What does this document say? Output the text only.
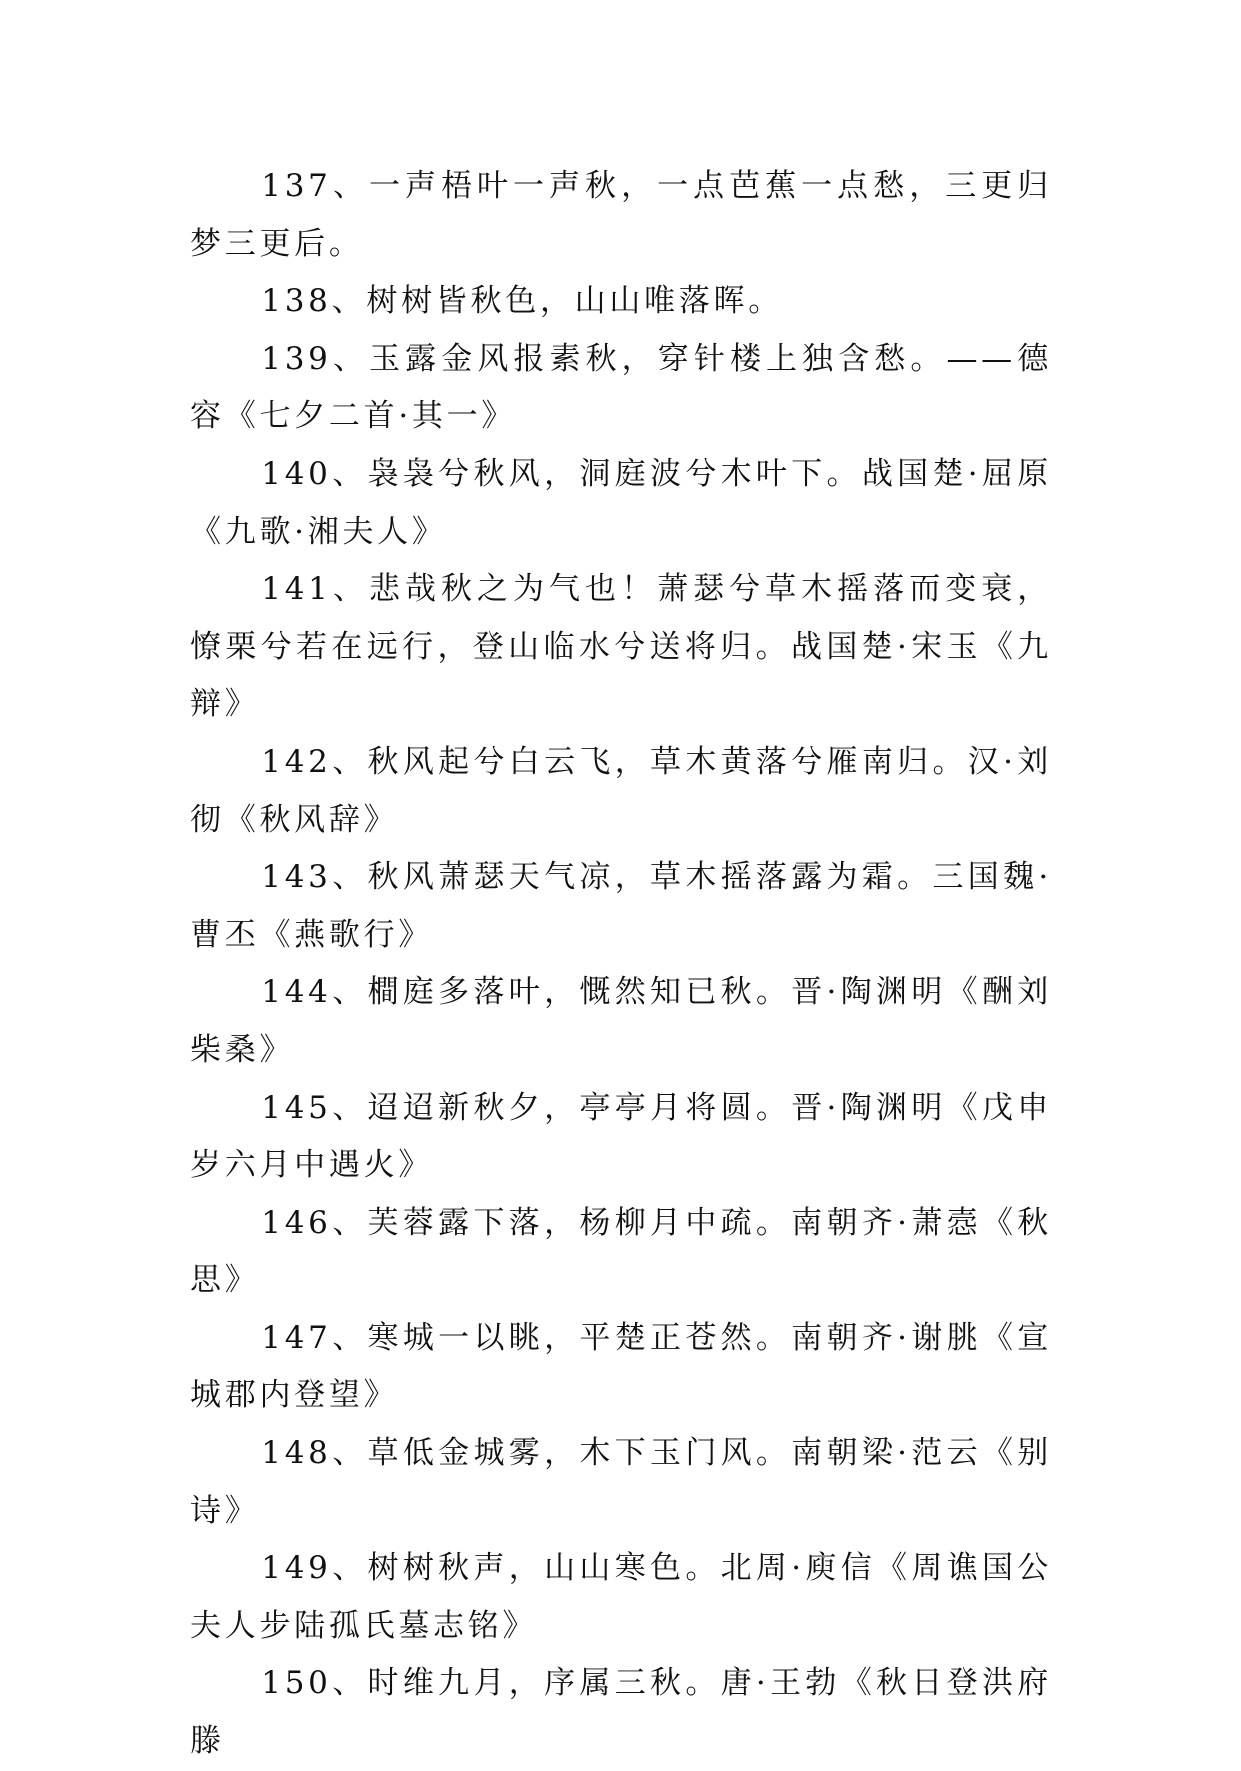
137、一声梧叶一声秋，一点芭蕉一点愁，三更归梦三更后。

138、树树皆秋色，山山唯落晖。

139、玉露金风报素秋，穿针楼上独含愁。——德容《七夕二首·其一》

140、袅袅兮秋风，洞庭波兮木叶下。战国楚·屈原《九歌·湘夫人》

141、悲哉秋之为气也！萧瑟兮草木摇落而变衰，憭栗兮若在远行，登山临水兮送将归。战国楚·宋玉《九辩》

142、秋风起兮白云飞，草木黄落兮雁南归。汉·刘彻《秋风辞》

143、秋风萧瑟天气凉，草木摇落露为霜。三国魏·曹丕《燕歌行》

144、橺庭多落叶，慨然知已秋。晋·陶渊明《酬刘柴桑》

145、迢迢新秋夕，亭亭月将圆。晋·陶渊明《戊申岁六月中遇火》

146、芙蓉露下落，杨柳月中疏。南朝齐·萧悫《秋思》

147、寒城一以眺，平楚正苍然。南朝齐·谢朓《宣城郡内登望》

148、草低金城雾，木下玉门风。南朝梁·范云《别诗》

149、树树秋声，山山寒色。北周·庾信《周谯国公夫人步陆孤氏墓志铭》

150、时维九月，序属三秋。唐·王勃《秋日登洪府滕
